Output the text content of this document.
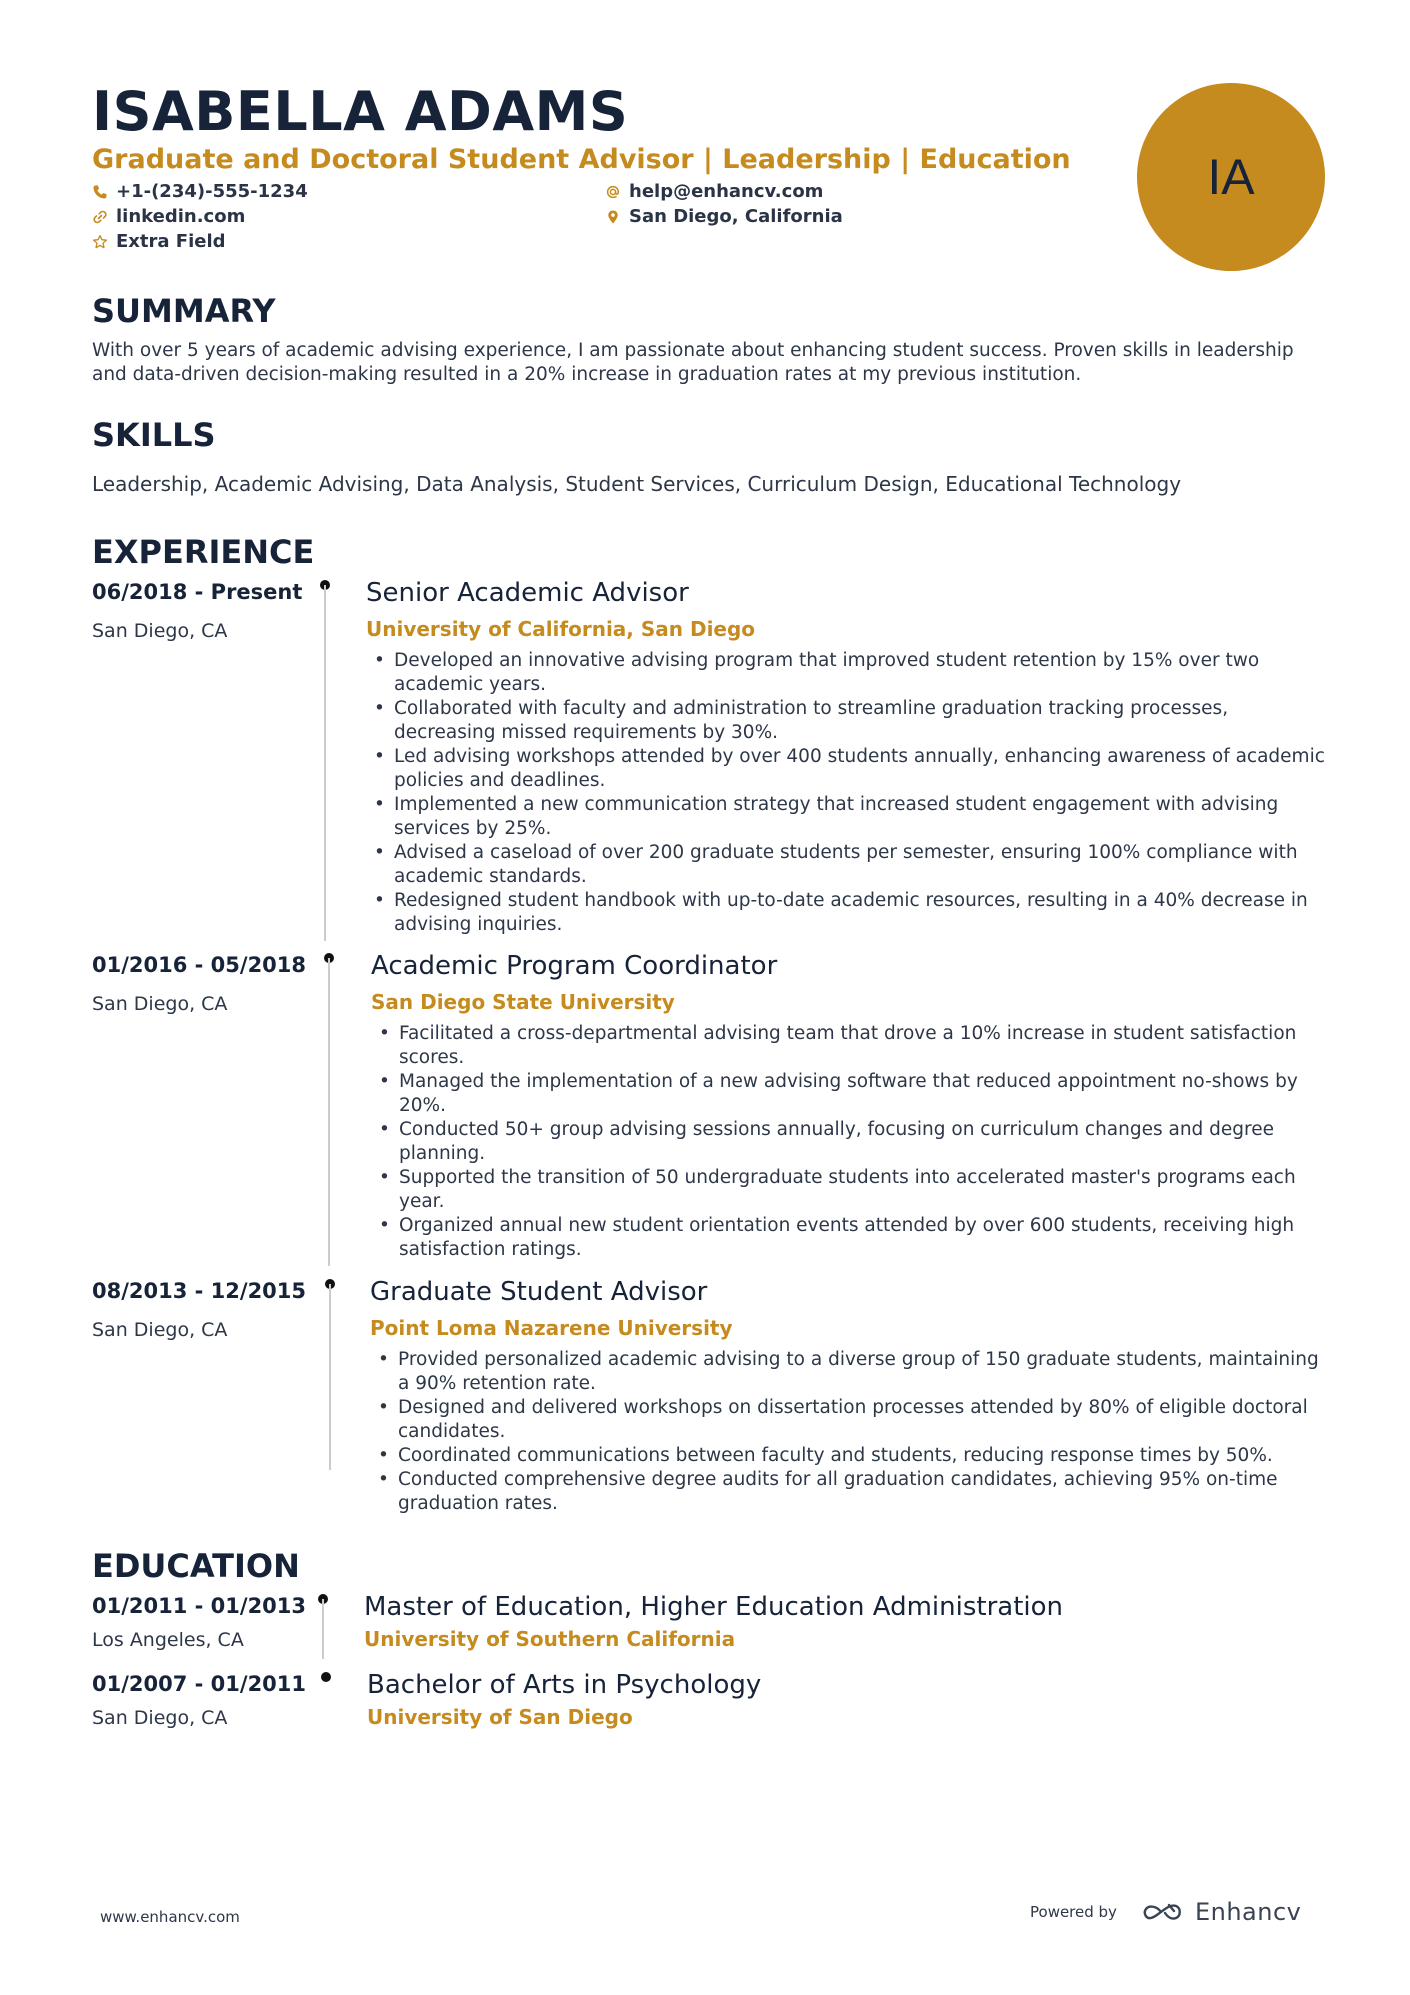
ISABELLA ADAMS
Graduate and Doctoral Student Advisor | Leadership | Education
+1-(234)-555-1234
linkedin.com
Extra Field
help@enhancv.com
San Diego, California
IA
SUMMARY
With over 5 years of academic advising experience, I am passionate about enhancing student success. Proven skills in leadership and data-driven decision-making resulted in a 20% increase in graduation rates at my previous institution.
SKILLS
Leadership, Academic Advising, Data Analysis, Student Services, Curriculum Design, Educational Technology
EXPERIENCE
06/2018 - Present
San Diego, CA
Senior Academic Advisor
University of California, San Diego
• Developed an innovative advising program that improved student retention by 15% over two academic years.
• Collaborated with faculty and administration to streamline graduation tracking processes, decreasing missed requirements by 30%.
• Led advising workshops attended by over 400 students annually, enhancing awareness of academic policies and deadlines.
• Implemented a new communication strategy that increased student engagement with advising services by 25%.
• Advised a caseload of over 200 graduate students per semester, ensuring 100% compliance with academic standards.
• Redesigned student handbook with up-to-date academic resources, resulting in a 40% decrease in advising inquiries.
01/2016 - 05/2018
San Diego, CA
Academic Program Coordinator
San Diego State University
• Facilitated a cross-departmental advising team that drove a 10% increase in student satisfaction scores.
• Managed the implementation of a new advising software that reduced appointment no-shows by 20%.
• Conducted 50+ group advising sessions annually, focusing on curriculum changes and degree planning.
• Supported the transition of 50 undergraduate students into accelerated master's programs each year.
• Organized annual new student orientation events attended by over 600 students, receiving high satisfaction ratings.
08/2013 - 12/2015
San Diego, CA
Graduate Student Advisor
Point Loma Nazarene University
• Provided personalized academic advising to a diverse group of 150 graduate students, maintaining a 90% retention rate.
• Designed and delivered workshops on dissertation processes attended by 80% of eligible doctoral candidates.
• Coordinated communications between faculty and students, reducing response times by 50%.
• Conducted comprehensive degree audits for all graduation candidates, achieving 95% on-time graduation rates.
EDUCATION
01/2011 - 01/2013
Los Angeles, CA
Master of Education, Higher Education Administration
University of Southern California
01/2007 - 01/2011
San Diego, CA
Bachelor of Arts in Psychology
University of San Diego
www.enhancv.com	Powered by	Enhancv
